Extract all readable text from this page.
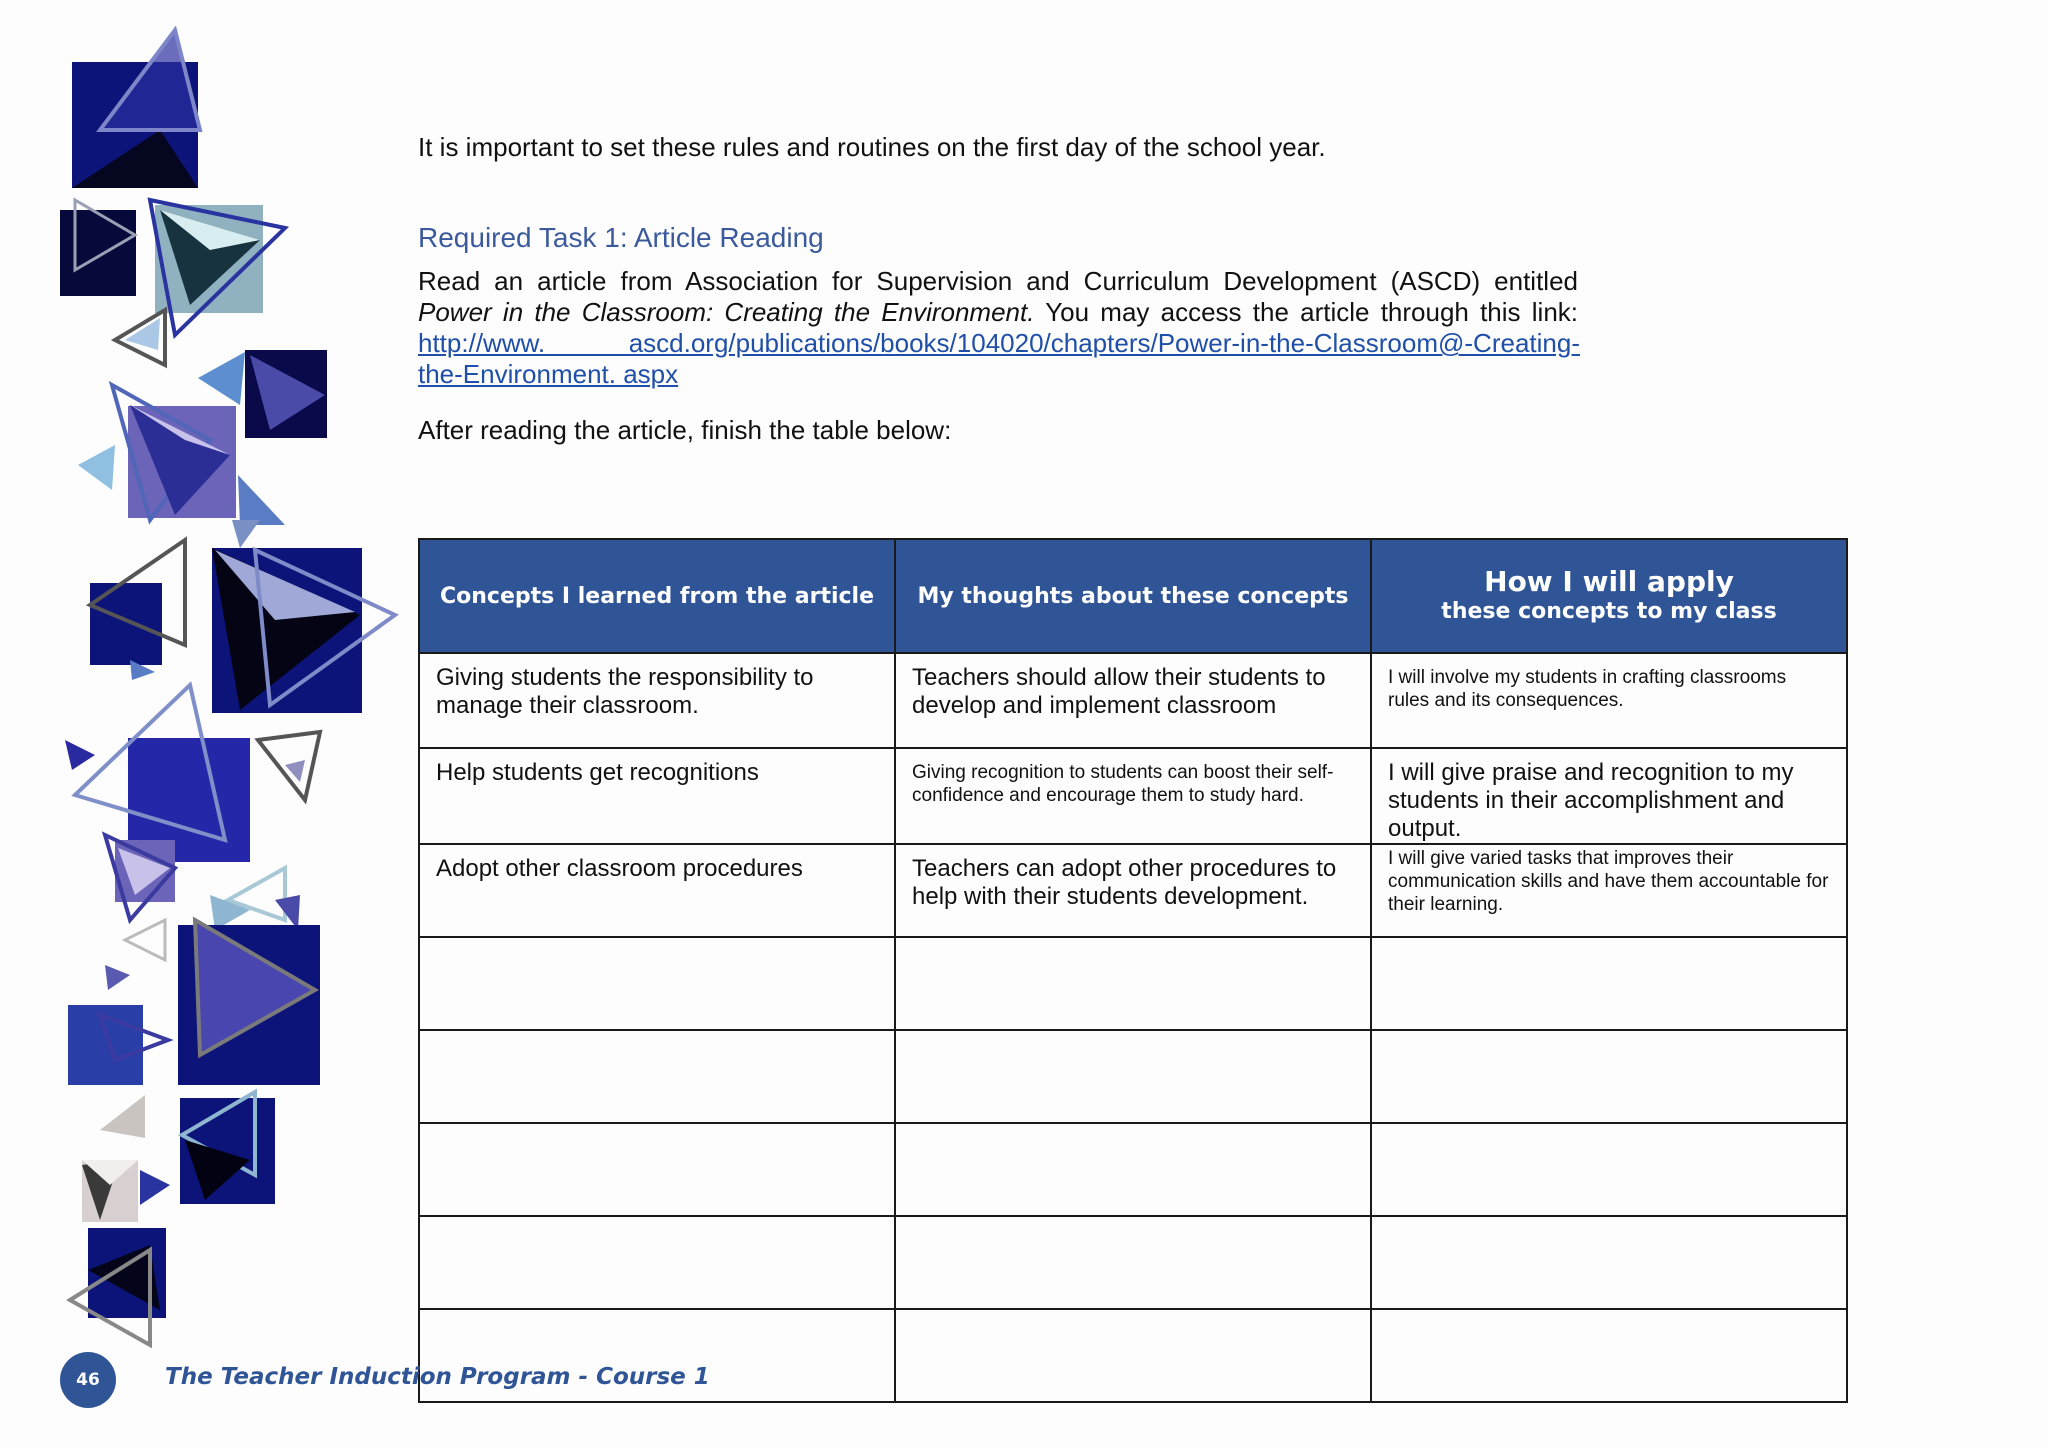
It is important to set these rules and routines on the first day of the school year.
Required Task 1: Article Reading
Read an article from Association for Supervision and Curriculum Development (ASCD) entitled
Power in the Classroom: Creating the Environment. You may access the article through this link:
http://www.    ascd.org/publications/books/104020/chapters/Power-in-the-Classroom@-Creating-
the-Environment. aspx
After reading the article, finish the table below:
Concepts I learned from the article	My thoughts about these concepts	How I will apply
these concepts to my class

Giving students the responsibility to manage their classroom.	Teachers should allow their students to develop and implement classroom	I will involve my students in crafting classrooms rules and its consequences.
Help students get recognitions	Giving recognition to students can boost their self-confidence and encourage them to study hard.	I will give praise and recognition to my students in their accomplishment and output.
Adopt other classroom procedures	Teachers can adopt other procedures to help with their students development.	I will give varied tasks that improves their communication skills and have them accountable for their learning.

46	The Teacher Induction Program - Course 1
